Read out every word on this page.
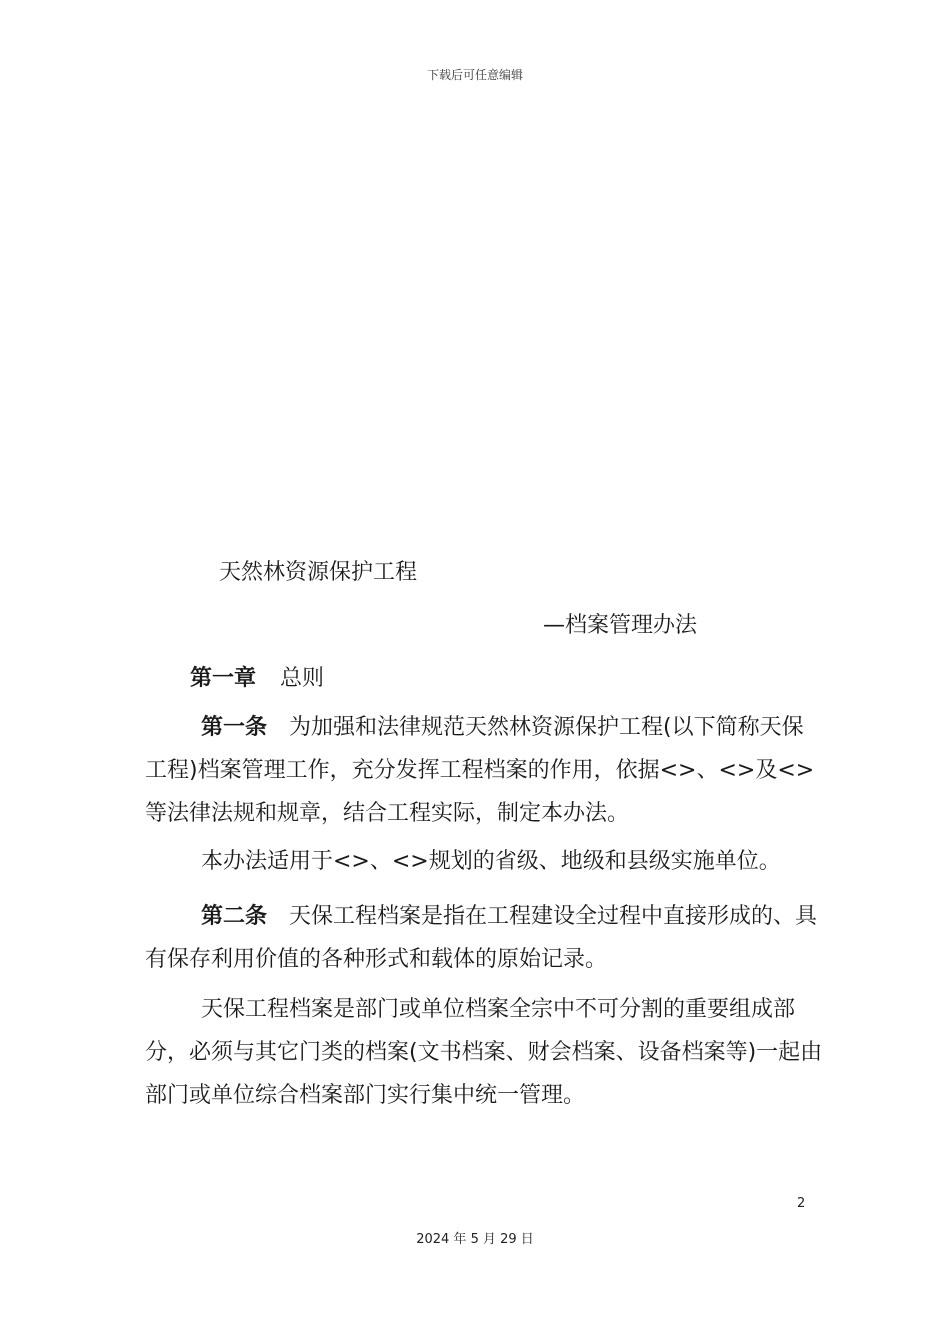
下载后可任意编辑
天然林资源保护工程
—档案管理办法
第一章 总则
第一条 为加强和法律规范天然林资源保护工程(以下简称天保工程)档案管理工作，充分发挥工程档案的作用，依据<>、<>及<>等法律法规和规章，结合工程实际，制定本办法。
本办法适用于<>、<>规划的省级、地级和县级实施单位。
第二条 天保工程档案是指在工程建设全过程中直接形成的、具有保存利用价值的各种形式和载体的原始记录。
天保工程档案是部门或单位档案全宗中不可分割的重要组成部分，必须与其它门类的档案(文书档案、财会档案、设备档案等)一起由部门或单位综合档案部门实行集中统一管理。
2
2024 年 5 月 29 日
